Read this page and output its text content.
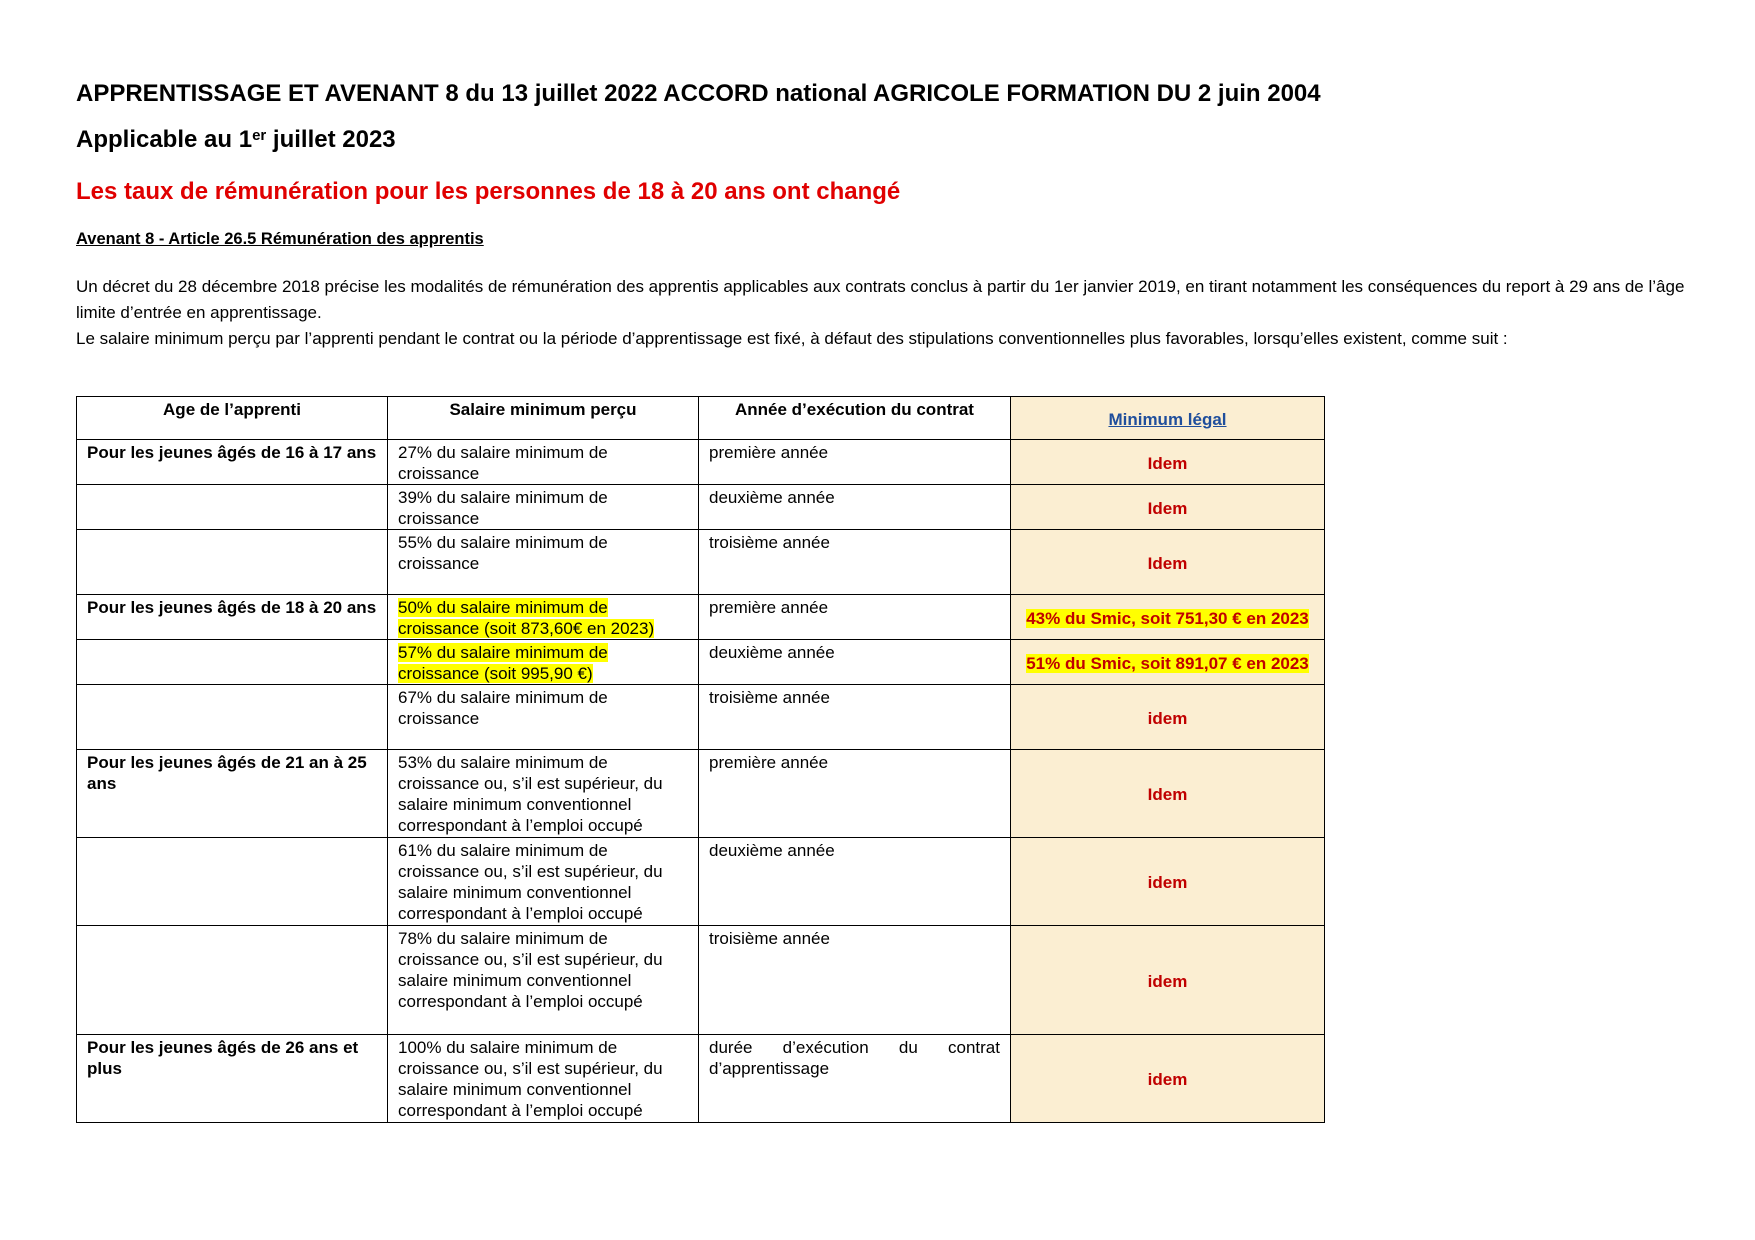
APPRENTISSAGE ET AVENANT 8 du 13 juillet 2022 ACCORD national AGRICOLE FORMATION DU 2 juin 2004
Applicable au 1er juillet 2023
Les taux de rémunération pour les personnes de 18 à 20 ans ont changé
Avenant 8 - Article 26.5 Rémunération des apprentis

Un décret du 28 décembre 2018 précise les modalités de rémunération des apprentis applicables aux contrats conclus à partir du 1er janvier 2019, en tirant notamment les conséquences du report à 29 ans de l’âge limite d’entrée en apprentissage.

Le salaire minimum perçu par l’apprenti pendant le contrat ou la période d’apprentissage est fixé, à défaut des stipulations conventionnelles plus favorables, lorsqu’elles existent, comme suit :

Age de l’apprenti	Salaire minimum perçu	Année d’exécution du contrat	Minimum légal
Pour les jeunes âgés de 16 à 17 ans	27% du salaire minimum de croissance	première année	Idem
	39% du salaire minimum de croissance	deuxième année	Idem
	55% du salaire minimum de croissance	troisième année	Idem
Pour les jeunes âgés de 18 à 20 ans	50% du salaire minimum de croissance (soit 873,60€ en 2023)	première année	43% du Smic, soit 751,30 € en 2023
	57% du salaire minimum de croissance (soit 995,90 €)	deuxième année	51% du Smic, soit 891,07 € en 2023
	67% du salaire minimum de croissance	troisième année	idem
Pour les jeunes âgés de 21 an à 25 ans	53% du salaire minimum de croissance ou, s’il est supérieur, du salaire minimum conventionnel correspondant à l’emploi occupé	première année	Idem
	61% du salaire minimum de croissance ou, s’il est supérieur, du salaire minimum conventionnel correspondant à l’emploi occupé	deuxième année	idem
	78% du salaire minimum de croissance ou, s’il est supérieur, du salaire minimum conventionnel correspondant à l’emploi occupé	troisième année	idem
Pour les jeunes âgés de 26 ans et plus	100% du salaire minimum de croissance ou, s’il est supérieur, du salaire minimum conventionnel correspondant à l’emploi occupé	durée d’exécution du contrat d’apprentissage	idem
